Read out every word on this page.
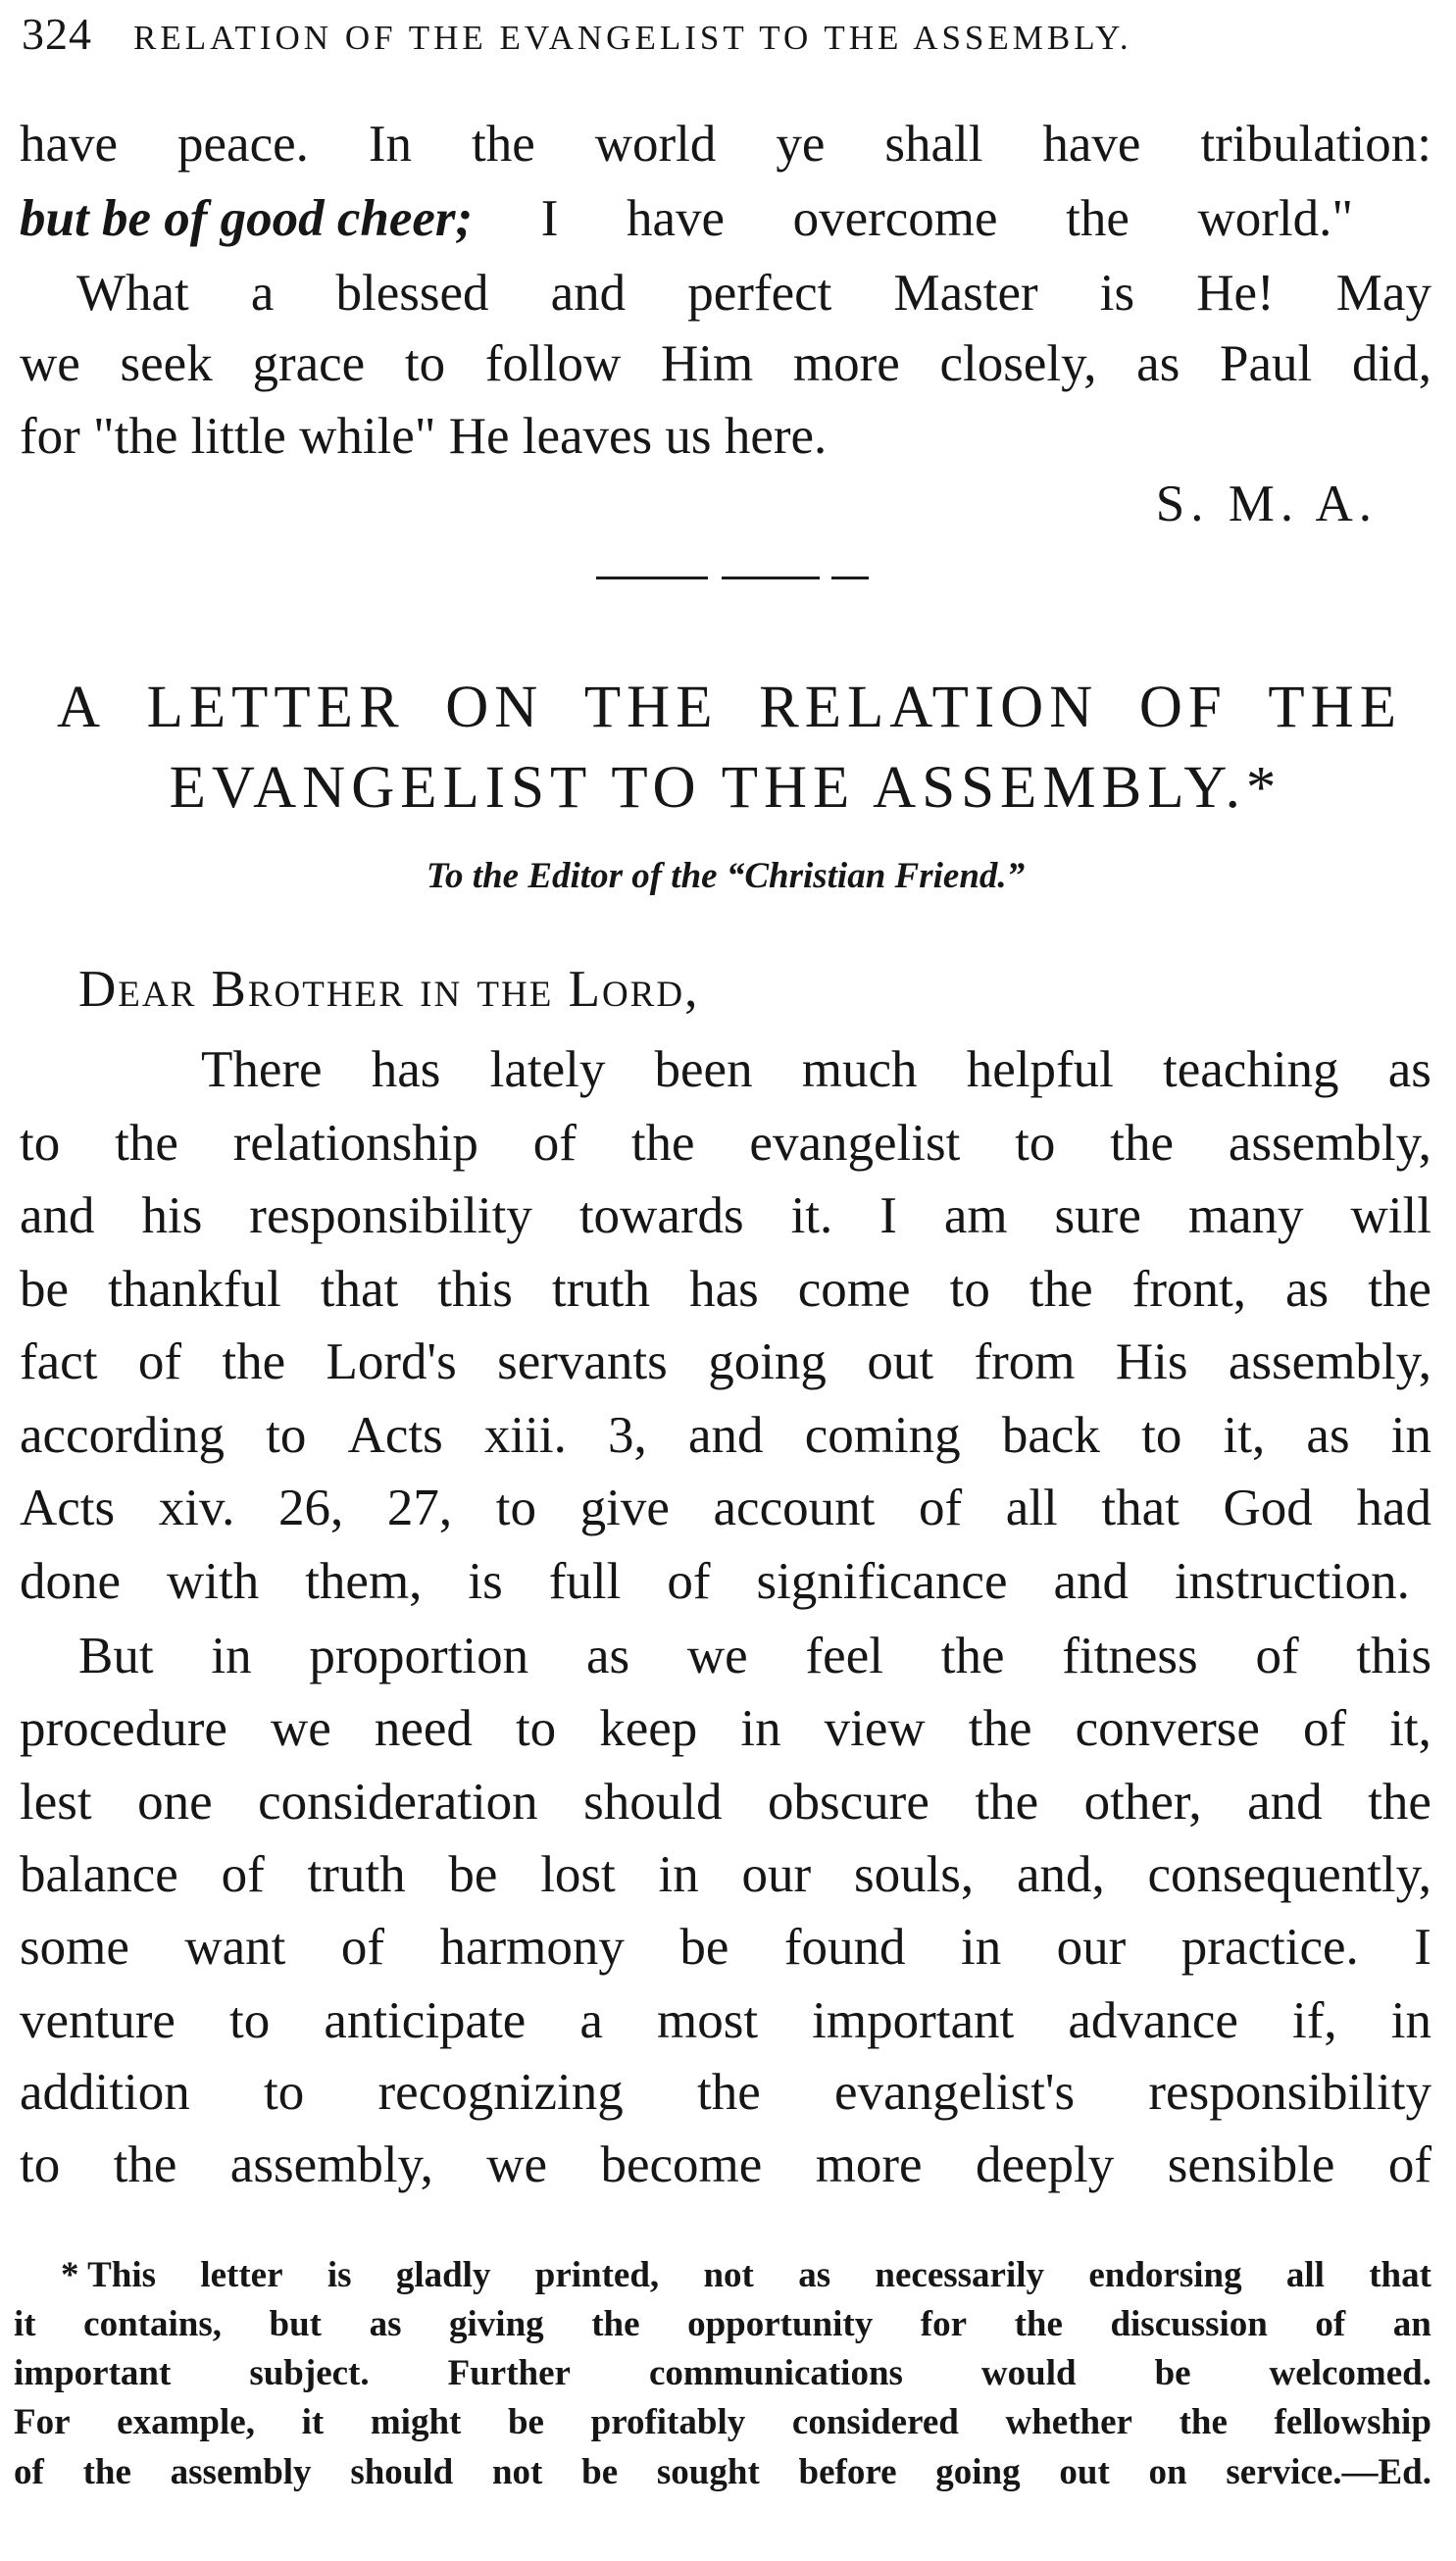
324 RELATION OF THE EVANGELIST TO THE ASSEMBLY.
have peace. In the world ye shall have tribulation:
but be of good cheer; I have overcome the world."
What a blessed and perfect Master is He! May
we seek grace to follow Him more closely, as Paul did,
for "the little while" He leaves us here.
S. M. A.
A LETTER ON THE RELATION OF THE
EVANGELIST TO THE ASSEMBLY.*
To the Editor of the “Christian Friend.”
Dear Brother in the Lord,
There has lately been much helpful teaching as
to the relationship of the evangelist to the assembly,
and his responsibility towards it. I am sure many will
be thankful that this truth has come to the front, as the
fact of the Lord's servants going out from His assembly,
according to Acts xiii. 3, and coming back to it, as in
Acts xiv. 26, 27, to give account of all that God had
done with them, is full of significance and instruction.
But in proportion as we feel the fitness of this
procedure we need to keep in view the converse of it,
lest one consideration should obscure the other, and the
balance of truth be lost in our souls, and, consequently,
some want of harmony be found in our practice. I
venture to anticipate a most important advance if, in
addition to recognizing the evangelist's responsibility
to the assembly, we become more deeply sensible of
* This letter is gladly printed, not as necessarily endorsing all that
it contains, but as giving the opportunity for the discussion of an
important subject. Further communications would be welcomed.
For example, it might be profitably considered whether the fellowship
of the assembly should not be sought before going out on service.—Ed.
